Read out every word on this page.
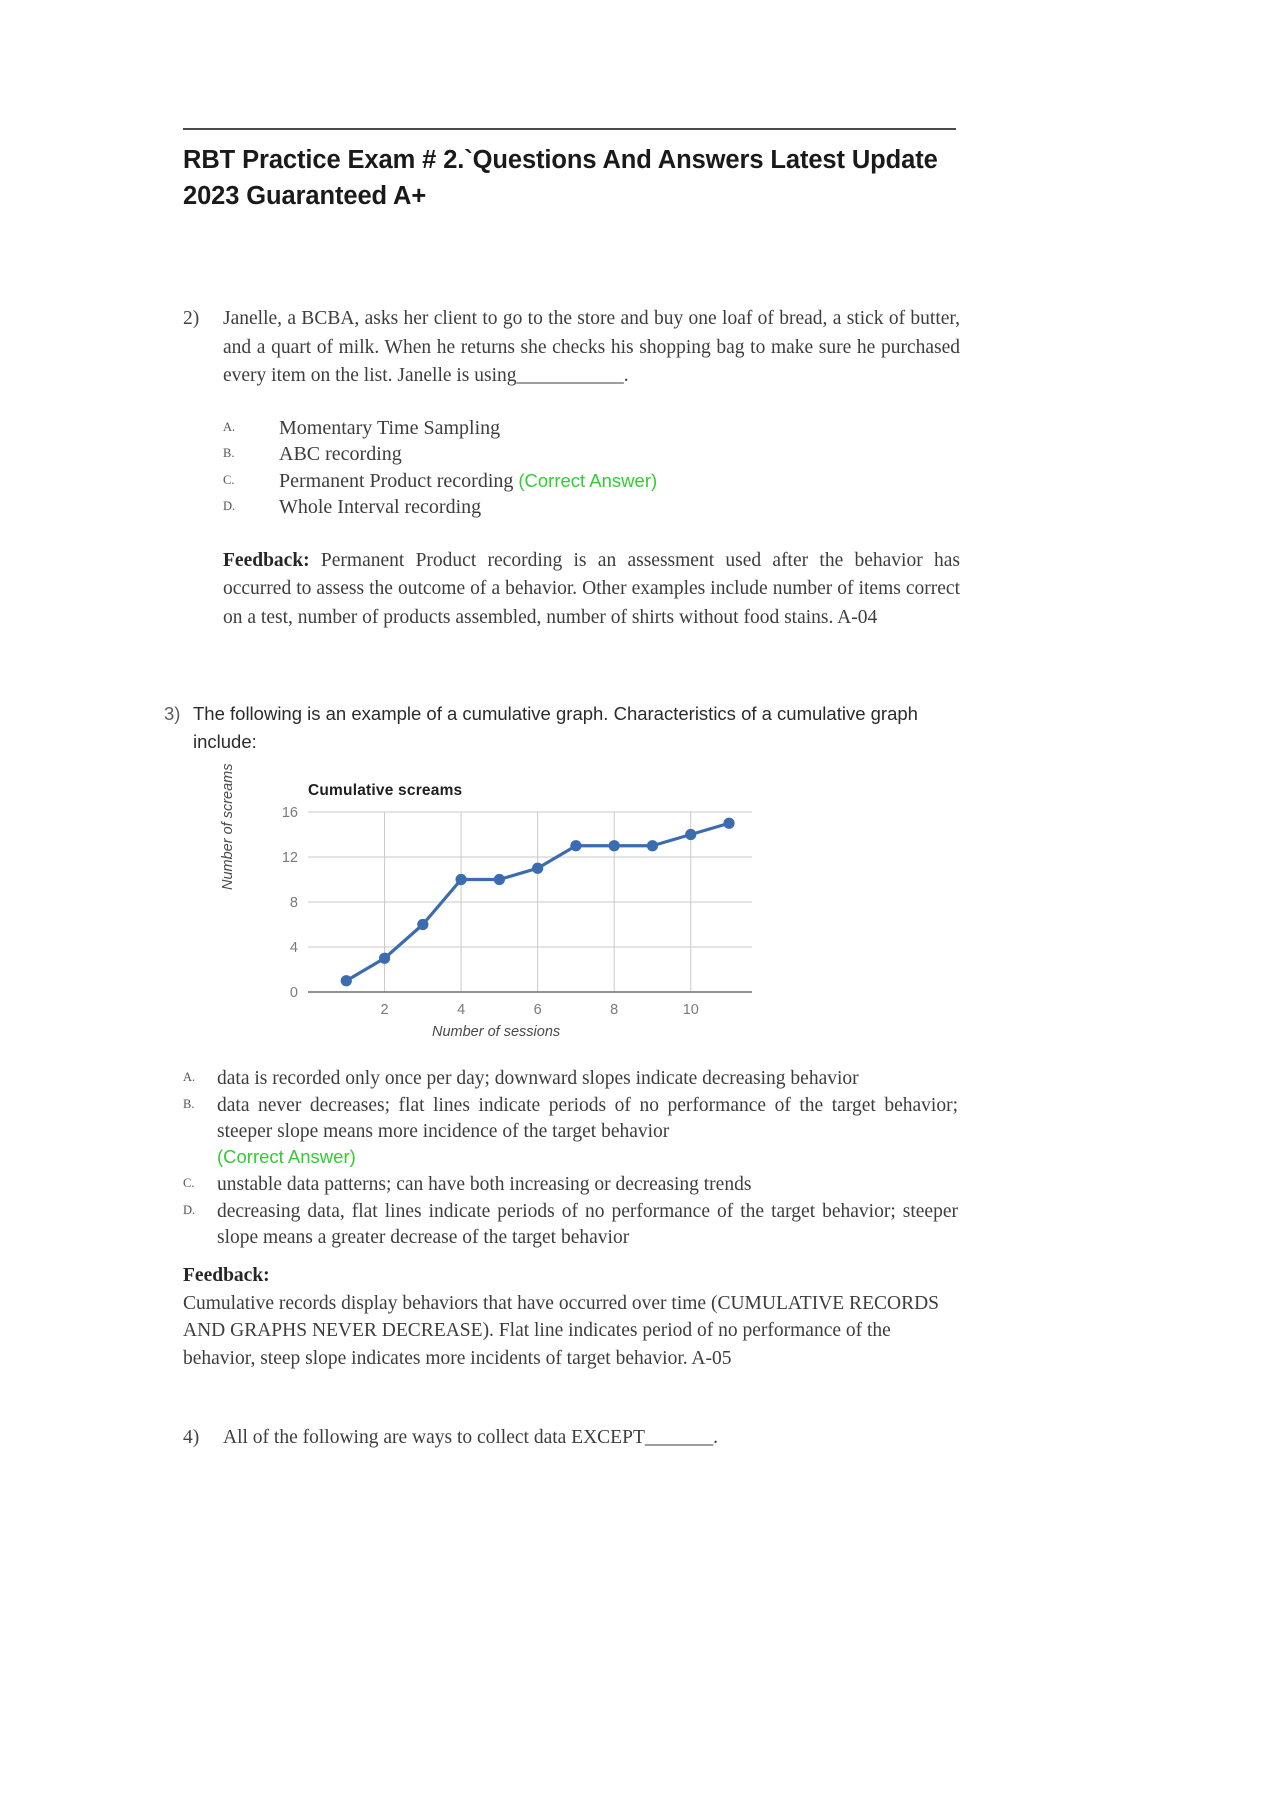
RBT Practice Exam # 2.`Questions And Answers Latest Update 2023 Guaranteed A+
2)	Janelle, a BCBA, asks her client to go to the store and buy one loaf of bread, a stick of butter, and a quart of milk. When he returns she checks his shopping bag to make sure he purchased every item on the list. Janelle is using___________.
A.	Momentary Time Sampling
B.	ABC recording
C.	Permanent Product recording (Correct Answer)
D.	Whole Interval recording
Feedback: Permanent Product recording is an assessment used after the behavior has occurred to assess the outcome of a behavior. Other examples include number of items correct on a test, number of products assembled, number of shirts without food stains. A-04
3) The following is an example of a cumulative graph. Characteristics of a cumulative graph include:
Cumulative screams
Number of screams
Number of sessions
0
4
8
12
16
2	4	6	8	10
A.	data is recorded only once per day; downward slopes indicate decreasing behavior
B.	data never decreases; flat lines indicate periods of no performance of the target behavior; steeper slope means more incidence of the target behavior
(Correct Answer)
C.	unstable data patterns; can have both increasing or decreasing trends
D.	decreasing data, flat lines indicate periods of no performance of the target behavior; steeper slope means a greater decrease of the target behavior
Feedback:
Cumulative records display behaviors that have occurred over time (CUMULATIVE RECORDS AND GRAPHS NEVER DECREASE). Flat line indicates period of no performance of the behavior, steep slope indicates more incidents of target behavior. A-05
4)	All of the following are ways to collect data EXCEPT_______.
